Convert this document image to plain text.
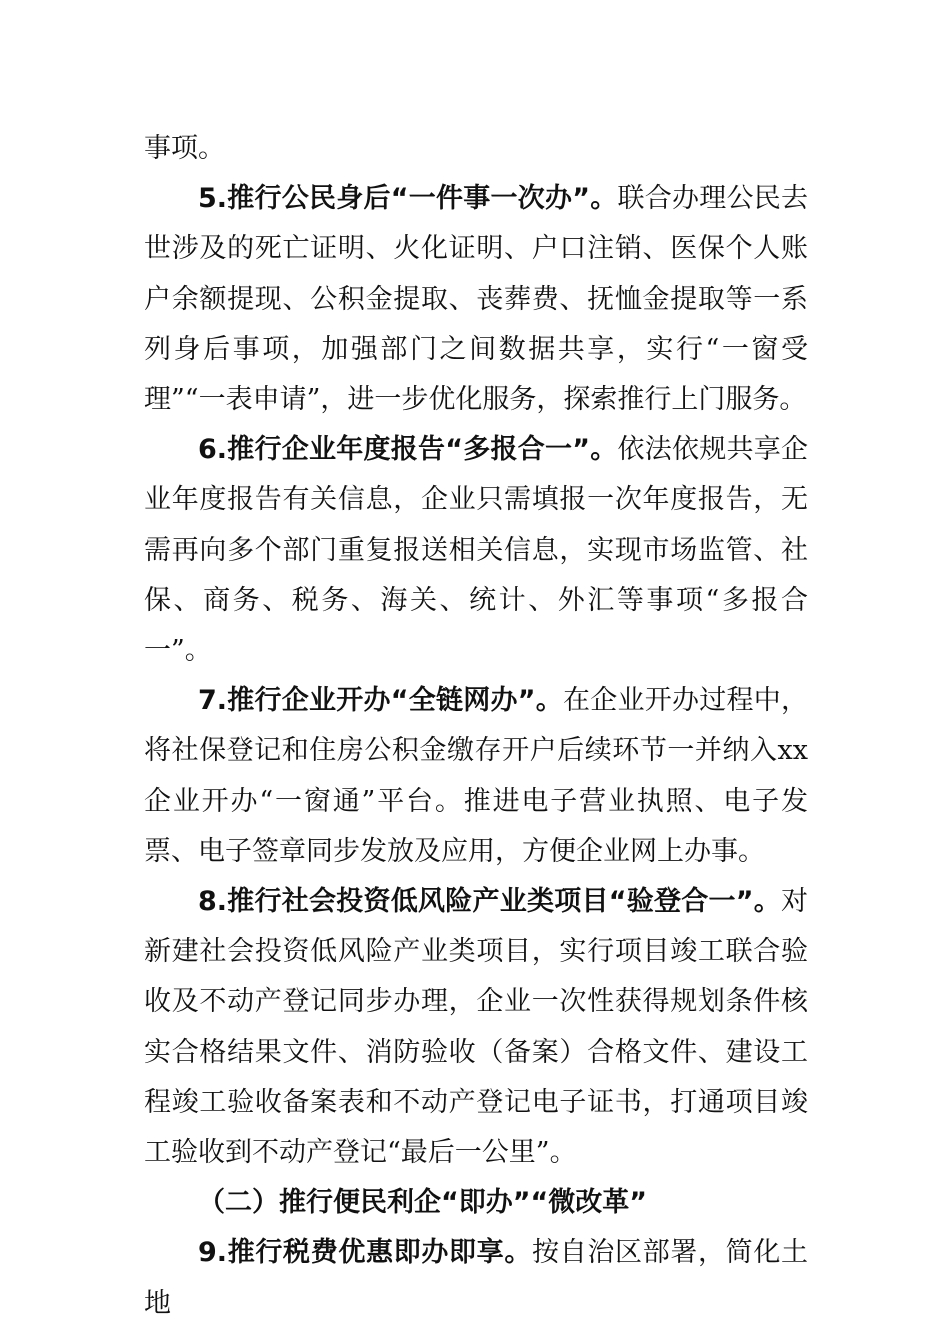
事项。

5.推行公民身后“一件事一次办”。联合办理公民去世涉及的死亡证明、火化证明、户口注销、医保个人账户余额提现、公积金提取、丧葬费、抚恤金提取等一系列身后事项，加强部门之间数据共享，实行“一窗受理”“一表申请”，进一步优化服务，探索推行上门服务。

6.推行企业年度报告“多报合一”。依法依规共享企业年度报告有关信息，企业只需填报一次年度报告，无需再向多个部门重复报送相关信息，实现市场监管、社保、商务、税务、海关、统计、外汇等事项“多报合一”。

7.推行企业开办“全链网办”。在企业开办过程中，将社保登记和住房公积金缴存开户后续环节一并纳入xx企业开办“一窗通”平台。推进电子营业执照、电子发票、电子签章同步发放及应用，方便企业网上办事。

8.推行社会投资低风险产业类项目“验登合一”。对新建社会投资低风险产业类项目，实行项目竣工联合验收及不动产登记同步办理，企业一次性获得规划条件核实合格结果文件、消防验收（备案）合格文件、建设工程竣工验收备案表和不动产登记电子证书，打通项目竣工验收到不动产登记“最后一公里”。

（二）推行便民利企“即办”“微改革”

9.推行税费优惠即办即享。按自治区部署，简化土地
